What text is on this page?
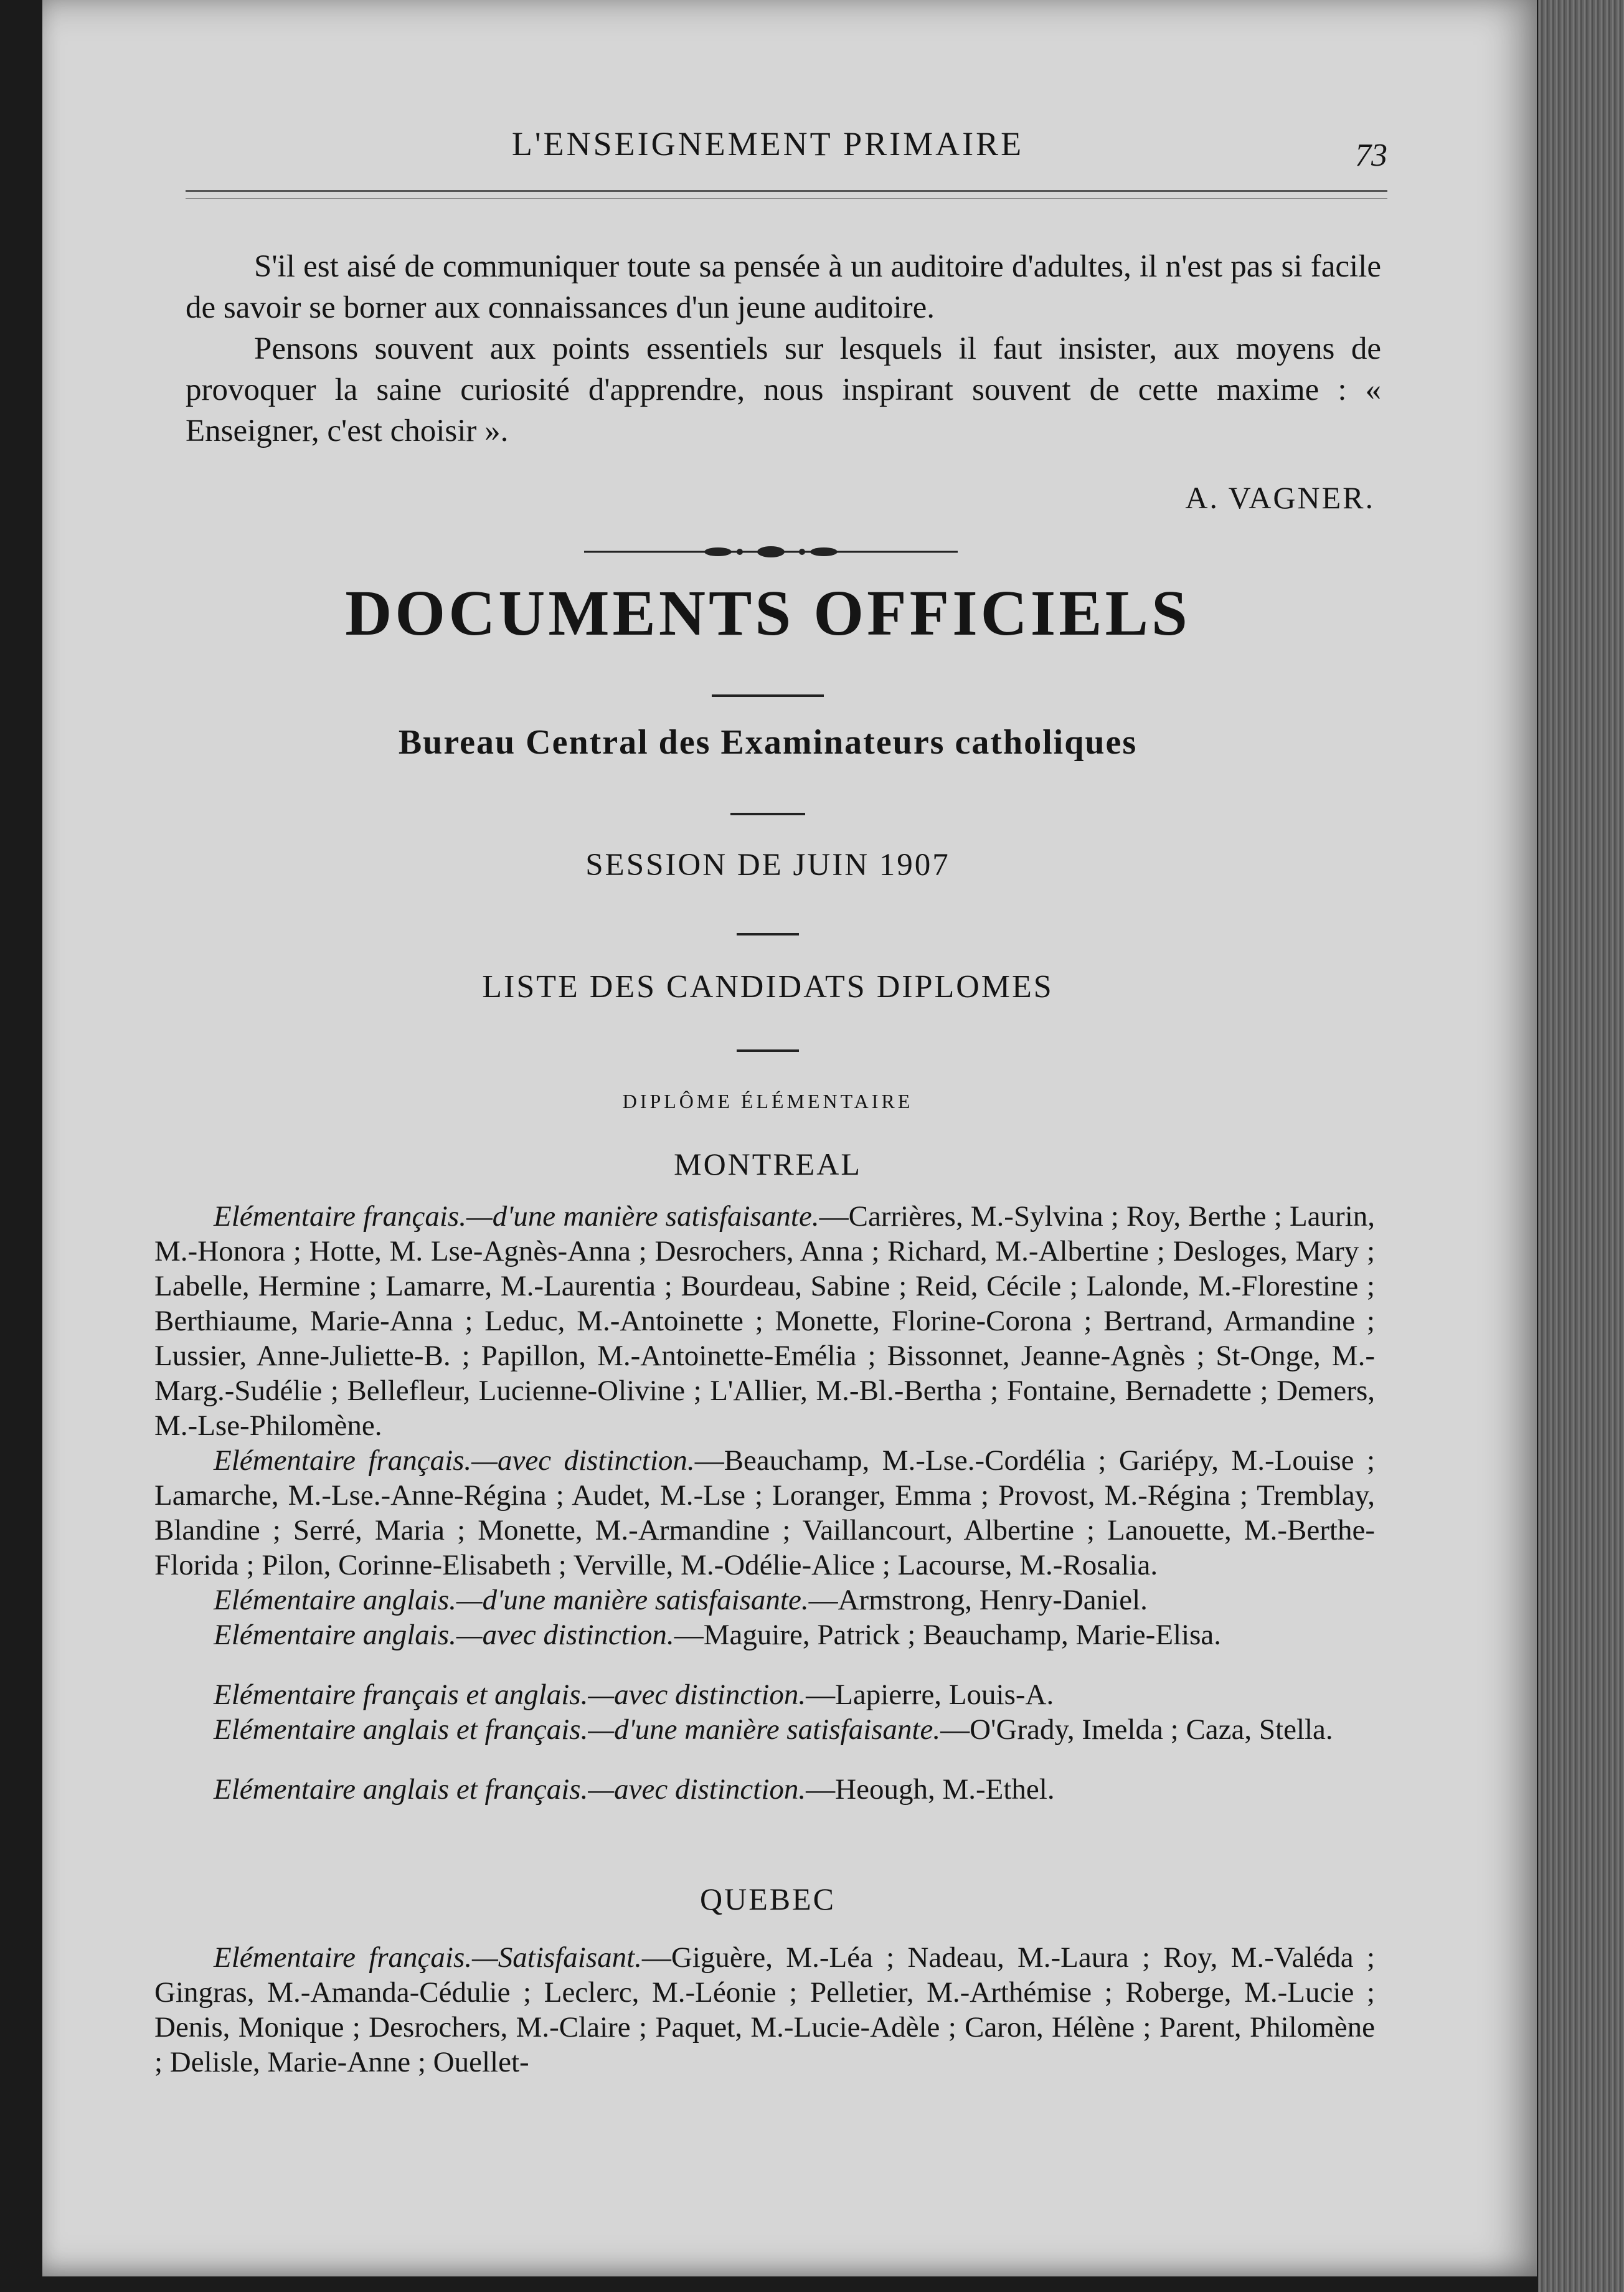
L'ENSEIGNEMENT PRIMAIRE	73

S'il est aisé de communiquer toute sa pensée à un auditoire d'adultes, il n'est pas si facile de savoir se borner aux connaissances d'un jeune auditoire.

Pensons souvent aux points essentiels sur lesquels il faut insister, aux moyens de provoquer la saine curiosité d'apprendre, nous inspirant souvent de cette maxime : « Enseigner, c'est choisir ».

A. VAGNER.
DOCUMENTS OFFICIELS
Bureau Central des Examinateurs catholiques
SESSION DE JUIN 1907
LISTE DES CANDIDATS DIPLOMES
DIPLÔME ÉLÉMENTAIRE
MONTREAL

Elémentaire français.—d'une manière satisfaisante.—Carrières, M.-Sylvina ; Roy, Berthe ; Laurin, M.-Honora ; Hotte, M. Lse-Agnès-Anna ; Desrochers, Anna ; Richard, M.-Albertine ; Desloges, Mary ; Labelle, Hermine ; Lamarre, M.-Laurentia ; Bourdeau, Sabine ; Reid, Cécile ; Lalonde, M.-Florestine ; Berthiaume, Marie-Anna ; Leduc, M.-Antoinette ; Monette, Florine-Corona ; Bertrand, Armandine ; Lussier, Anne-Juliette-B. ; Papillon, M.-Antoinette-Emélia ; Bissonnet, Jeanne-Agnès ; St-Onge, M.-Marg.-Sudélie ; Bellefleur, Lucienne-Olivine ; L'Allier, M.-Bl.-Bertha ; Fontaine, Bernadette ; Demers, M.-Lse-Philomène.

Elémentaire français.—avec distinction.—Beauchamp, M.-Lse.-Cordélia ; Gariépy, M.-Louise ; Lamarche, M.-Lse.-Anne-Régina ; Audet, M.-Lse ; Loranger, Emma ; Provost, M.-Régina ; Tremblay, Blandine ; Serré, Maria ; Monette, M.-Armandine ; Vaillancourt, Albertine ; Lanouette, M.-Berthe-Florida ; Pilon, Corinne-Elisabeth ; Verville, M.-Odélie-Alice ; Lacourse, M.-Rosalia.

Elémentaire anglais.—d'une manière satisfaisante.—Armstrong, Henry-Daniel.

Elémentaire anglais.—avec distinction.—Maguire, Patrick ; Beauchamp, Marie-Elisa.

Elémentaire français et anglais.—avec distinction.—Lapierre, Louis-A.

Elémentaire anglais et français.—d'une manière satisfaisante.—O'Grady, Imelda ; Caza, Stella.

Elémentaire anglais et français.—avec distinction.—Heough, M.-Ethel.

QUEBEC

Elémentaire français.—Satisfaisant.—Giguère, M.-Léa ; Nadeau, M.-Laura ; Roy, M.-Valéda ; Gingras, M.-Amanda-Cédulie ; Leclerc, M.-Léonie ; Pelletier, M.-Arthémise ; Roberge, M.-Lucie ; Denis, Monique ; Desrochers, M.-Claire ; Paquet, M.-Lucie-Adèle ; Caron, Hélène ; Parent, Philomène ; Delisle, Marie-Anne ; Ouellet-
